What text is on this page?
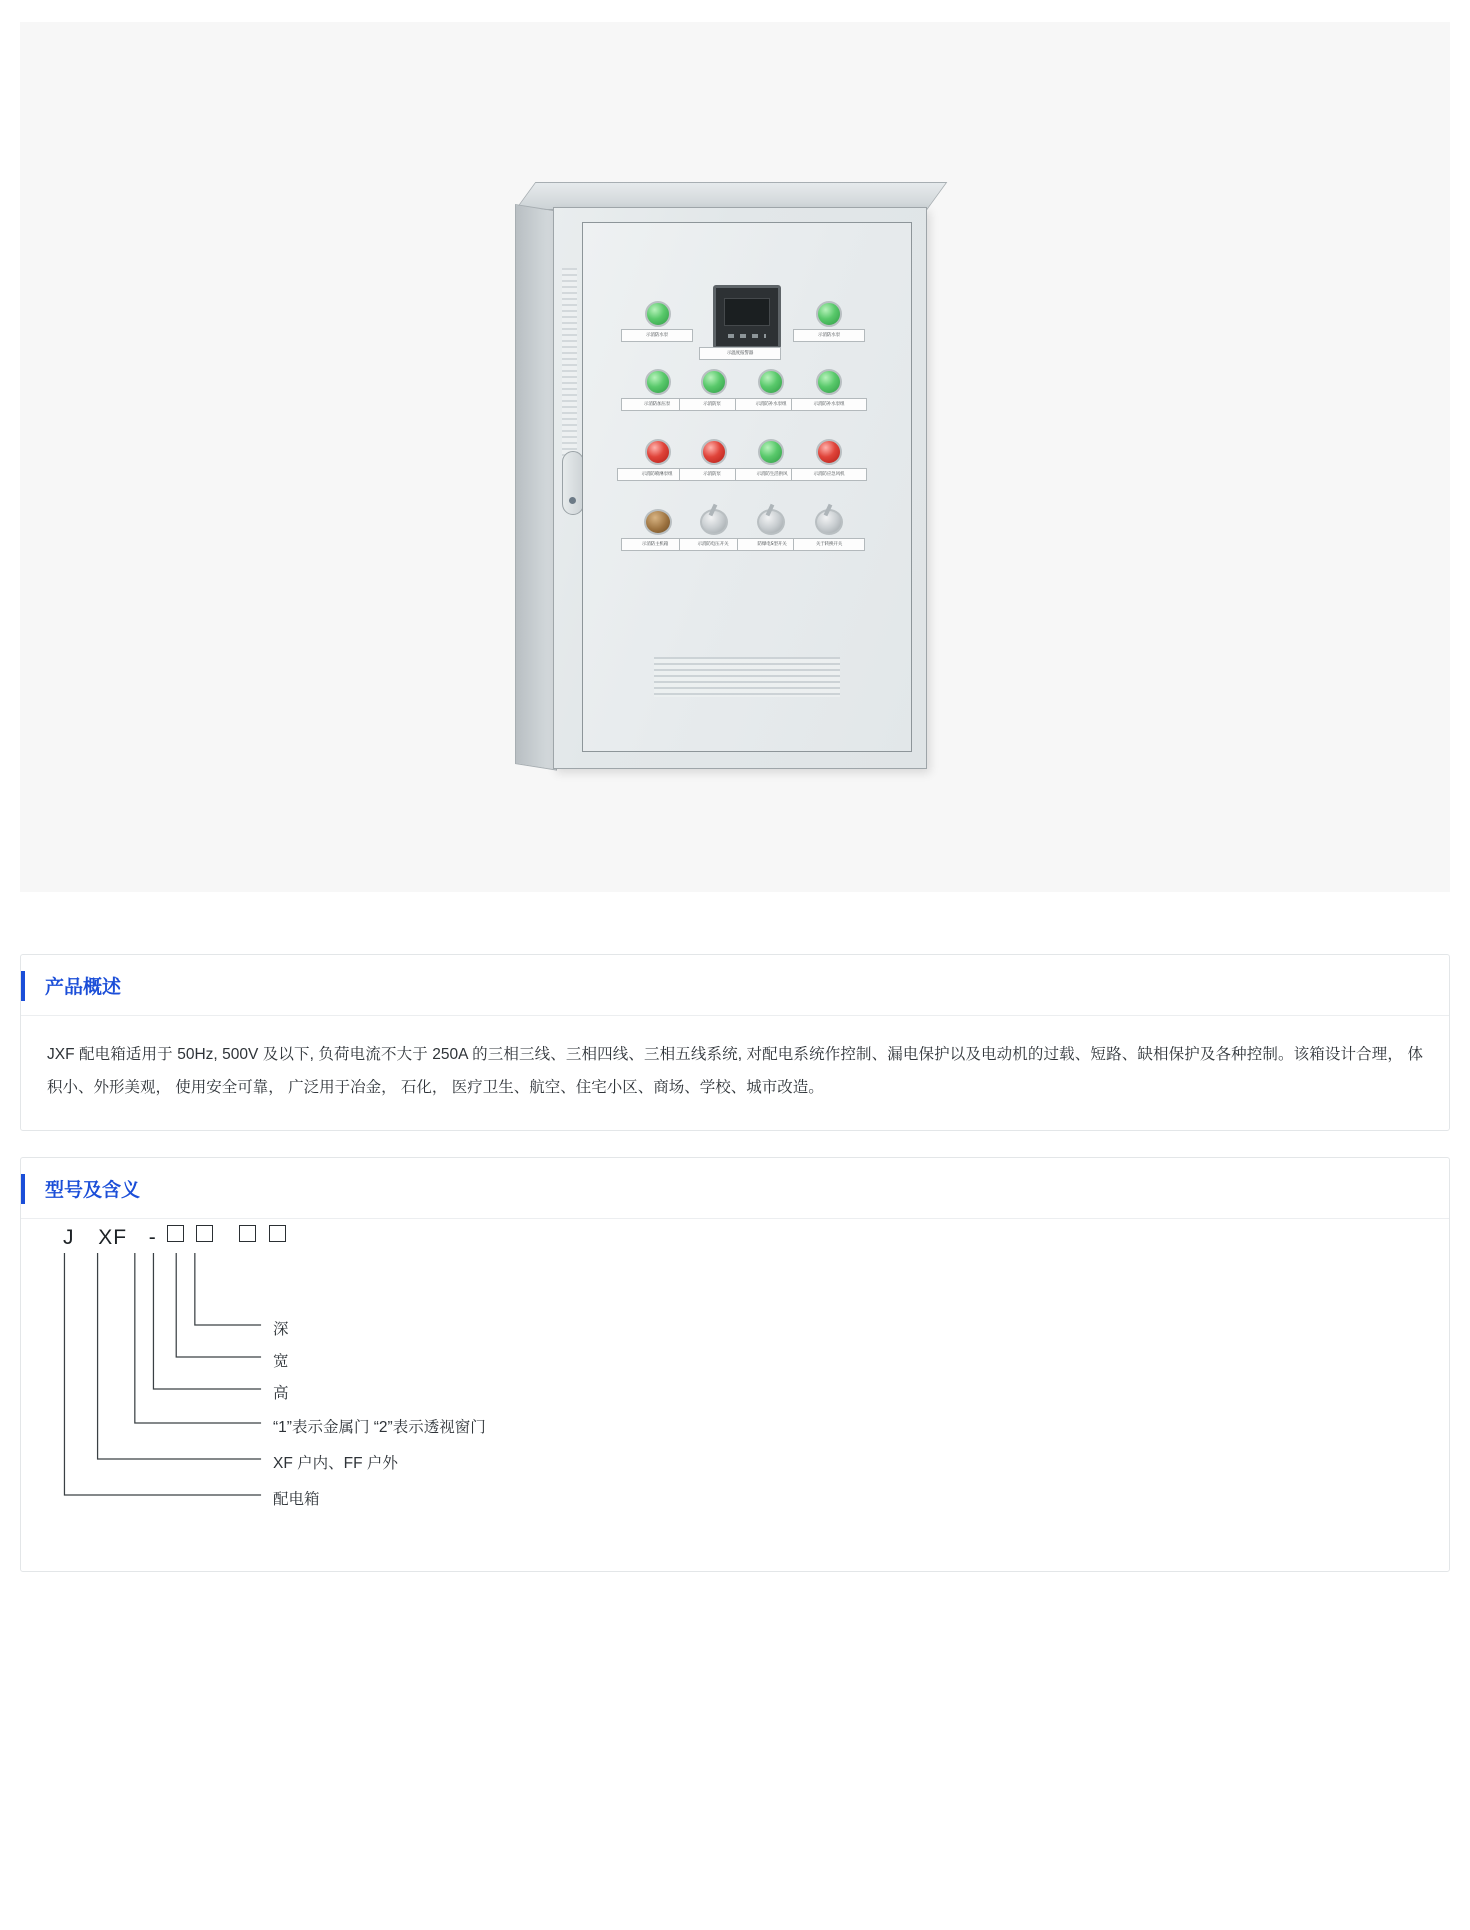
示消防水泵	示消防水泵
示温度报警器
示消防加压泵	示消防泵	示消防补水泵组	示消防补水泵组
示消防喷淋泵组	示消防泵	示消防生活供风	示消防应急风机
示消防主机箱	示消防电压开关	防爆电S型开关	关于转换开关
产品概述

JXF 配电箱适用于 50Hz, 500V 及以下, 负荷电流不大于 250A 的三相三线、三相四线、三相五线系统, 对配电系统作控制、漏电保护以及电动机的过载、短路、缺相保护及各种控制。该箱设计合理， 体积小、外形美观， 使用安全可靠， 广泛用于冶金， 石化， 医疗卫生、航空、住宅小区、商场、学校、城市改造。

型号及含义
J XF -
深
宽
高
“1”表示金属门 “2”表示透视窗门
XF 户内、FF 户外
配电箱
